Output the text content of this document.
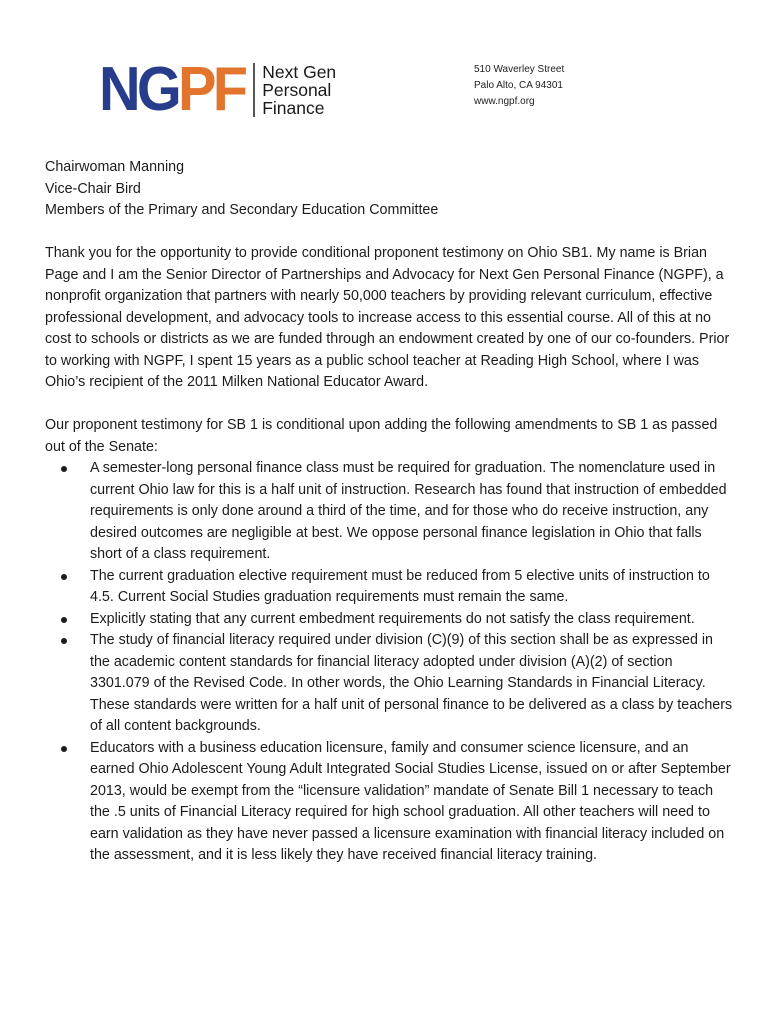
NGPF Next Gen
Personal
Finance
510 Waverley Street
Palo Alto, CA 94301
www.ngpf.org
Chairwoman Manning
Vice-Chair Bird
Members of the Primary and Secondary Education Committee

Thank you for the opportunity to provide conditional proponent testimony on Ohio SB1. My name is Brian Page and I am the Senior Director of Partnerships and Advocacy for Next Gen Personal Finance (NGPF), a nonprofit organization that partners with nearly 50,000 teachers by providing relevant curriculum, effective professional development, and advocacy tools to increase access to this essential course. All of this at no cost to schools or districts as we are funded through an endowment created by one of our co-founders. Prior to working with NGPF, I spent 15 years as a public school teacher at Reading High School, where I was Ohio’s recipient of the 2011 Milken National Educator Award.

Our proponent testimony for SB 1 is conditional upon adding the following amendments to SB 1 as passed out of the Senate:

A semester-long personal finance class must be required for graduation. The nomenclature used in current Ohio law for this is a half unit of instruction. Research has found that instruction of embedded requirements is only done around a third of the time, and for those who do receive instruction, any desired outcomes are negligible at best. We oppose personal finance legislation in Ohio that falls short of a class requirement.
The current graduation elective requirement must be reduced from 5 elective units of instruction to 4.5. Current Social Studies graduation requirements must remain the same.
Explicitly stating that any current embedment requirements do not satisfy the class requirement.
The study of financial literacy required under division (C)(9) of this section shall be as expressed in the academic content standards for financial literacy adopted under division (A)(2) of section 3301.079 of the Revised Code. In other words, the Ohio Learning Standards in Financial Literacy. These standards were written for a half unit of personal finance to be delivered as a class by teachers of all content backgrounds.
Educators with a business education licensure, family and consumer science licensure, and an earned Ohio Adolescent Young Adult Integrated Social Studies License, issued on or after September 2013, would be exempt from the “licensure validation” mandate of Senate Bill 1 necessary to teach the .5 units of Financial Literacy required for high school graduation. All other teachers will need to earn validation as they have never passed a licensure examination with financial literacy included on the assessment, and it is less likely they have received financial literacy training.
